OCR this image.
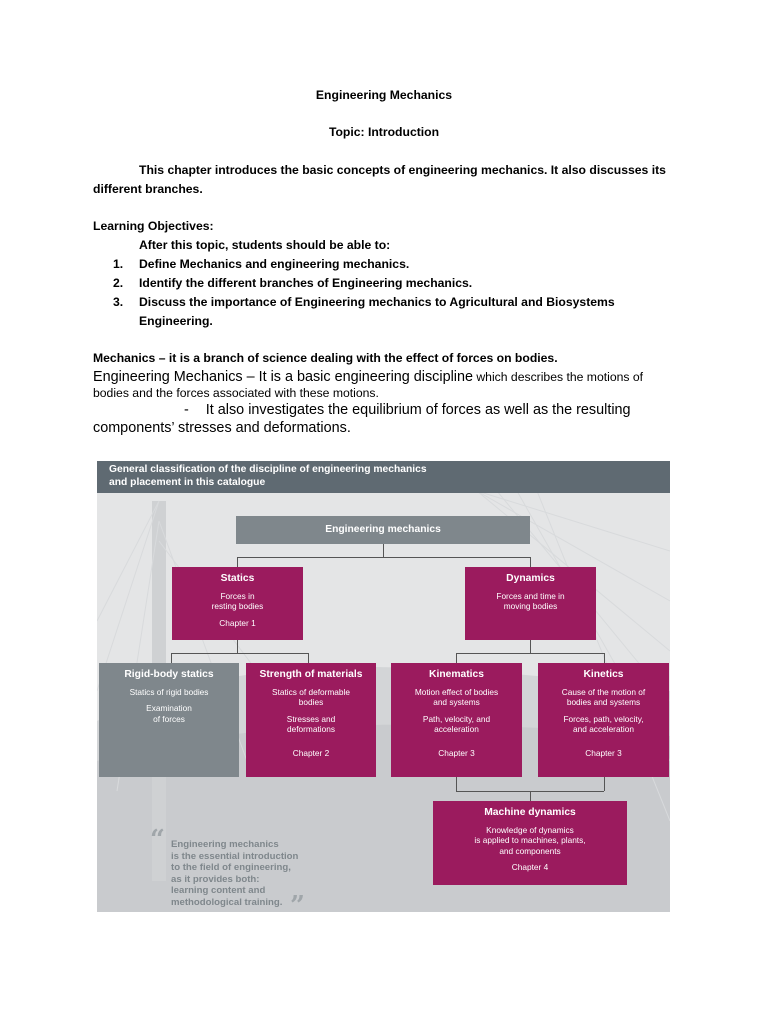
Engineering Mechanics
Topic: Introduction
This chapter introduces the basic concepts of engineering mechanics. It also discusses its
different branches.
Learning Objectives:
After this topic, students should be able to:
1. Define Mechanics and engineering mechanics.
2. Identify the different branches of Engineering mechanics.
3. Discuss the importance of Engineering mechanics to Agricultural and Biosystems
Engineering.
Mechanics – it is a branch of science dealing with the effect of forces on bodies.
Engineering Mechanics – It is a basic engineering discipline which describes the motions of
bodies and the forces associated with these motions.
- It also investigates the equilibrium of forces as well as the resulting
components’ stresses and deformations.
General classification of the discipline of engineering mechanics
and placement in this catalogue
Engineering mechanics
Statics
Forces in
resting bodies
Chapter 1
Dynamics
Forces and time in
moving bodies
Rigid-body statics
Statics of rigid bodies
Examination
of forces
Strength of materials
Statics of deformable
bodies
Stresses and
deformations
Chapter 2
Kinematics
Motion effect of bodies
and systems
Path, velocity, and
acceleration
Chapter 3
Kinetics
Cause of the motion of
bodies and systems
Forces, path, velocity,
and acceleration
Chapter 3
Machine dynamics
Knowledge of dynamics
is applied to machines, plants,
and components
Chapter 4
“ Engineering mechanics
is the essential introduction
to the field of engineering,
as it provides both:
learning content and
methodological training. ”
